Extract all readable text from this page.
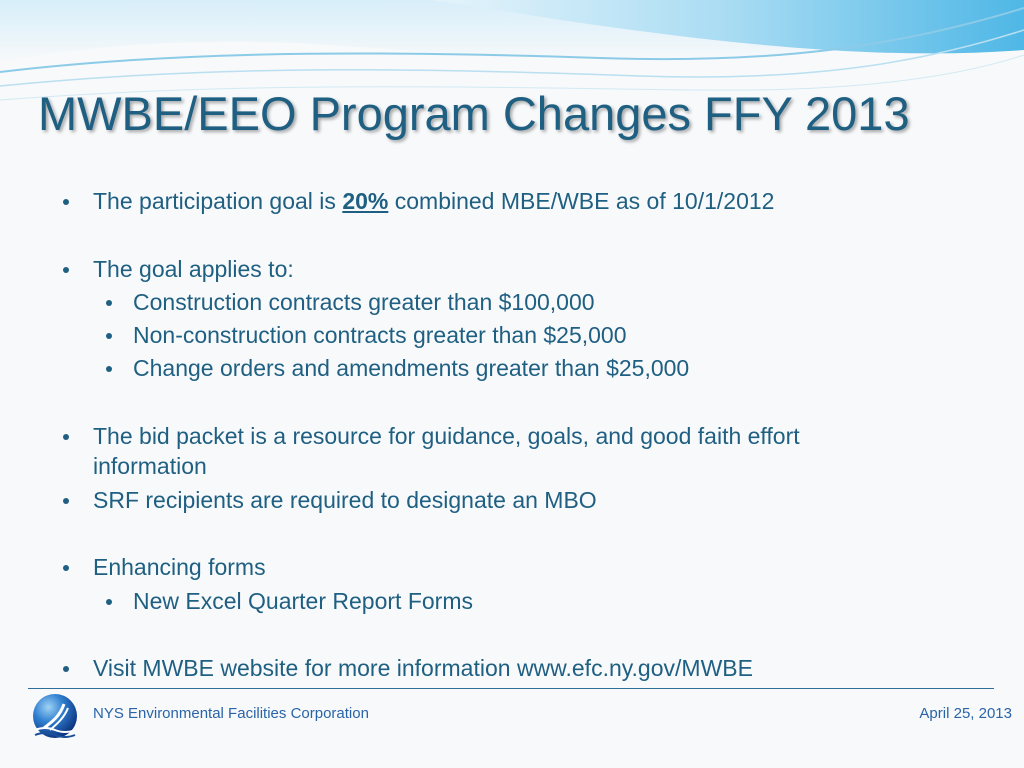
MWBE/EEO Program Changes FFY 2013
The participation goal is 20% combined MBE/WBE as of 10/1/2012
The goal applies to:
Construction contracts greater than $100,000
Non-construction contracts greater than $25,000
Change orders and amendments greater than $25,000
The bid packet is a resource for guidance, goals, and good faith effort
information
SRF recipients are required to designate an MBO
Enhancing forms
New Excel Quarter Report Forms
Visit MWBE website for more information www.efc.ny.gov/MWBE
NYS Environmental Facilities Corporation	April 25, 2013
